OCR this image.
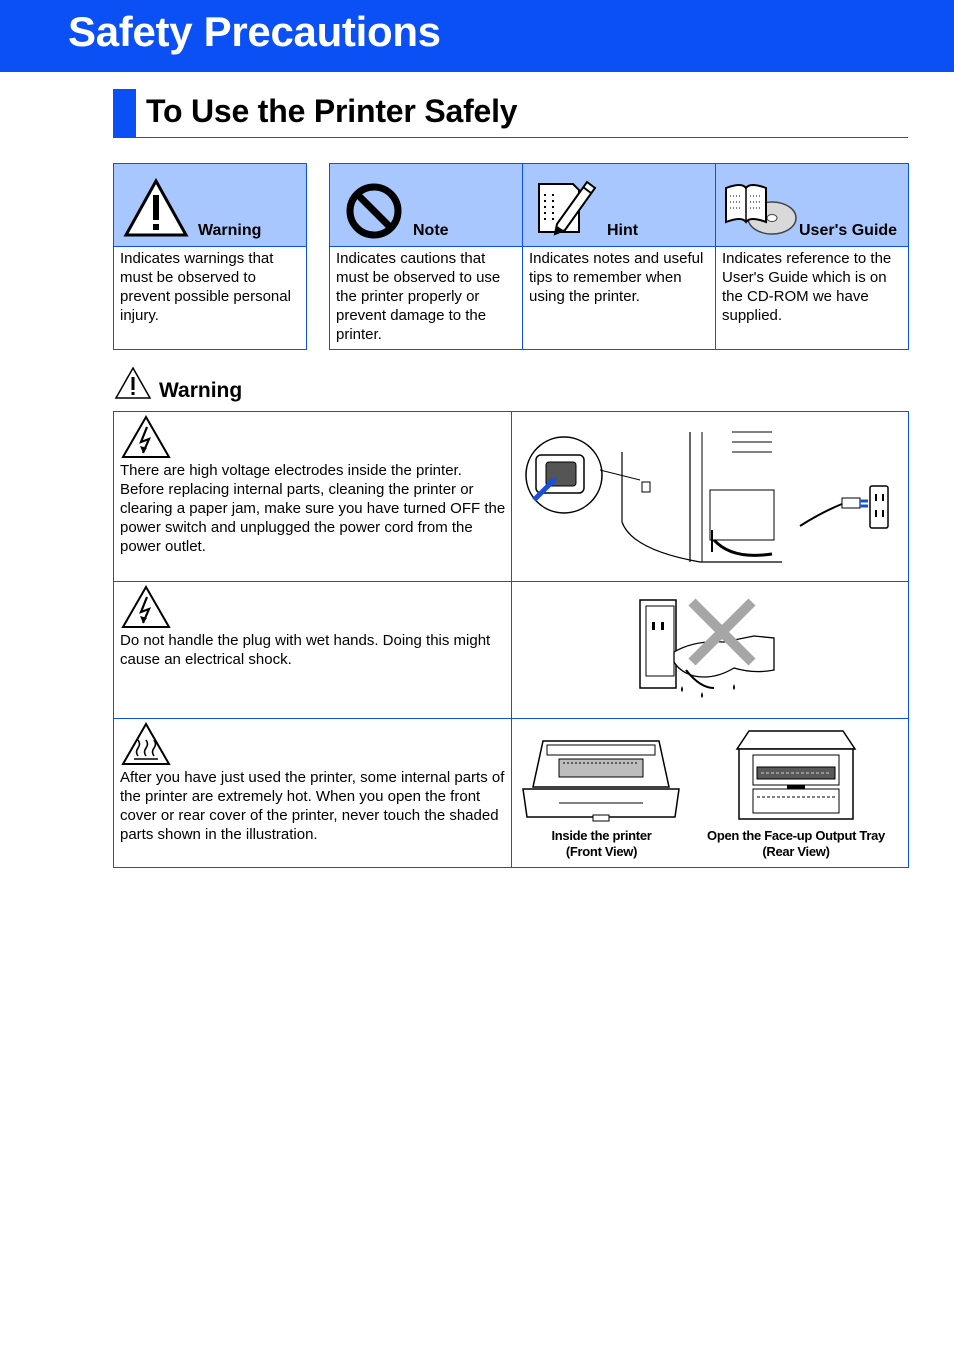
Safety Precautions
To Use the Printer Safely
Warning
Indicates warnings that must be observed to prevent possible personal injury.
Note
Indicates cautions that must be observed to use the printer properly or prevent damage to the printer.
Hint
Indicates notes and useful tips to remember when using the printer.
User's Guide
Indicates reference to the User's Guide which is on the CD-ROM we have supplied.
Warning
There are high voltage electrodes inside the printer. Before replacing internal parts, cleaning the printer or clearing a paper jam, make sure you have turned OFF the power switch and unplugged the power cord from the power outlet.
Do not handle the plug with wet hands. Doing this might cause an electrical shock.
After you have just used the printer, some internal parts of the printer are extremely hot. When you open the front cover or rear cover of the printer, never touch the shaded parts shown in the illustration.	Inside the printer
(Front View)
Open the Face-up Output Tray
(Rear View)
